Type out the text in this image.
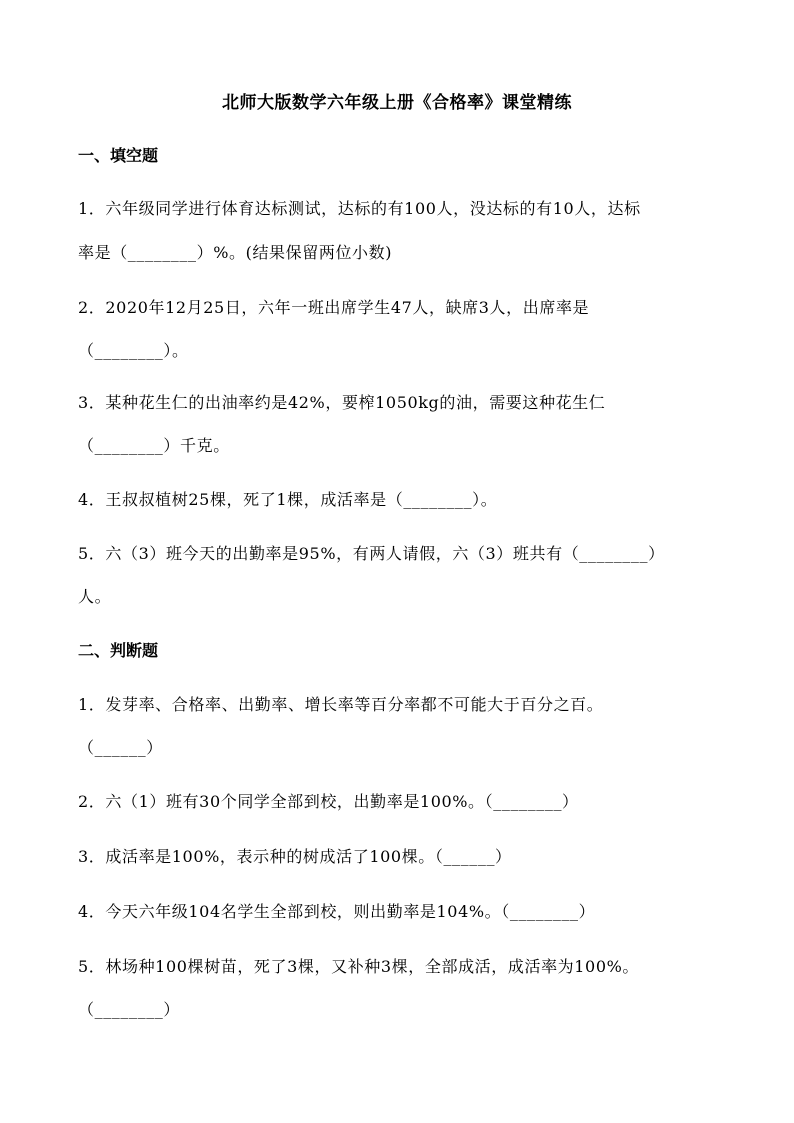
北师大版数学六年级上册《合格率》课堂精练
一、填空题
1．六年级同学进行体育达标测试，达标的有100人，没达标的有10人，达标
率是（________）%。(结果保留两位小数)
2．2020年12月25日，六年一班出席学生47人，缺席3人，出席率是
（________）。
3．某种花生仁的出油率约是42%，要榨1050kg的油，需要这种花生仁
（________）千克。
4．王叔叔植树25棵，死了1棵，成活率是（________）。
5．六（3）班今天的出勤率是95%，有两人请假，六（3）班共有（________）
人。
二、判断题
1．发芽率、合格率、出勤率、增长率等百分率都不可能大于百分之百。
（______）
2．六（1）班有30个同学全部到校，出勤率是100%。（________）
3．成活率是100%，表示种的树成活了100棵。（______）
4．今天六年级104名学生全部到校，则出勤率是104%。（________）
5．林场种100棵树苗，死了3棵，又补种3棵，全部成活，成活率为100%。
（________）
